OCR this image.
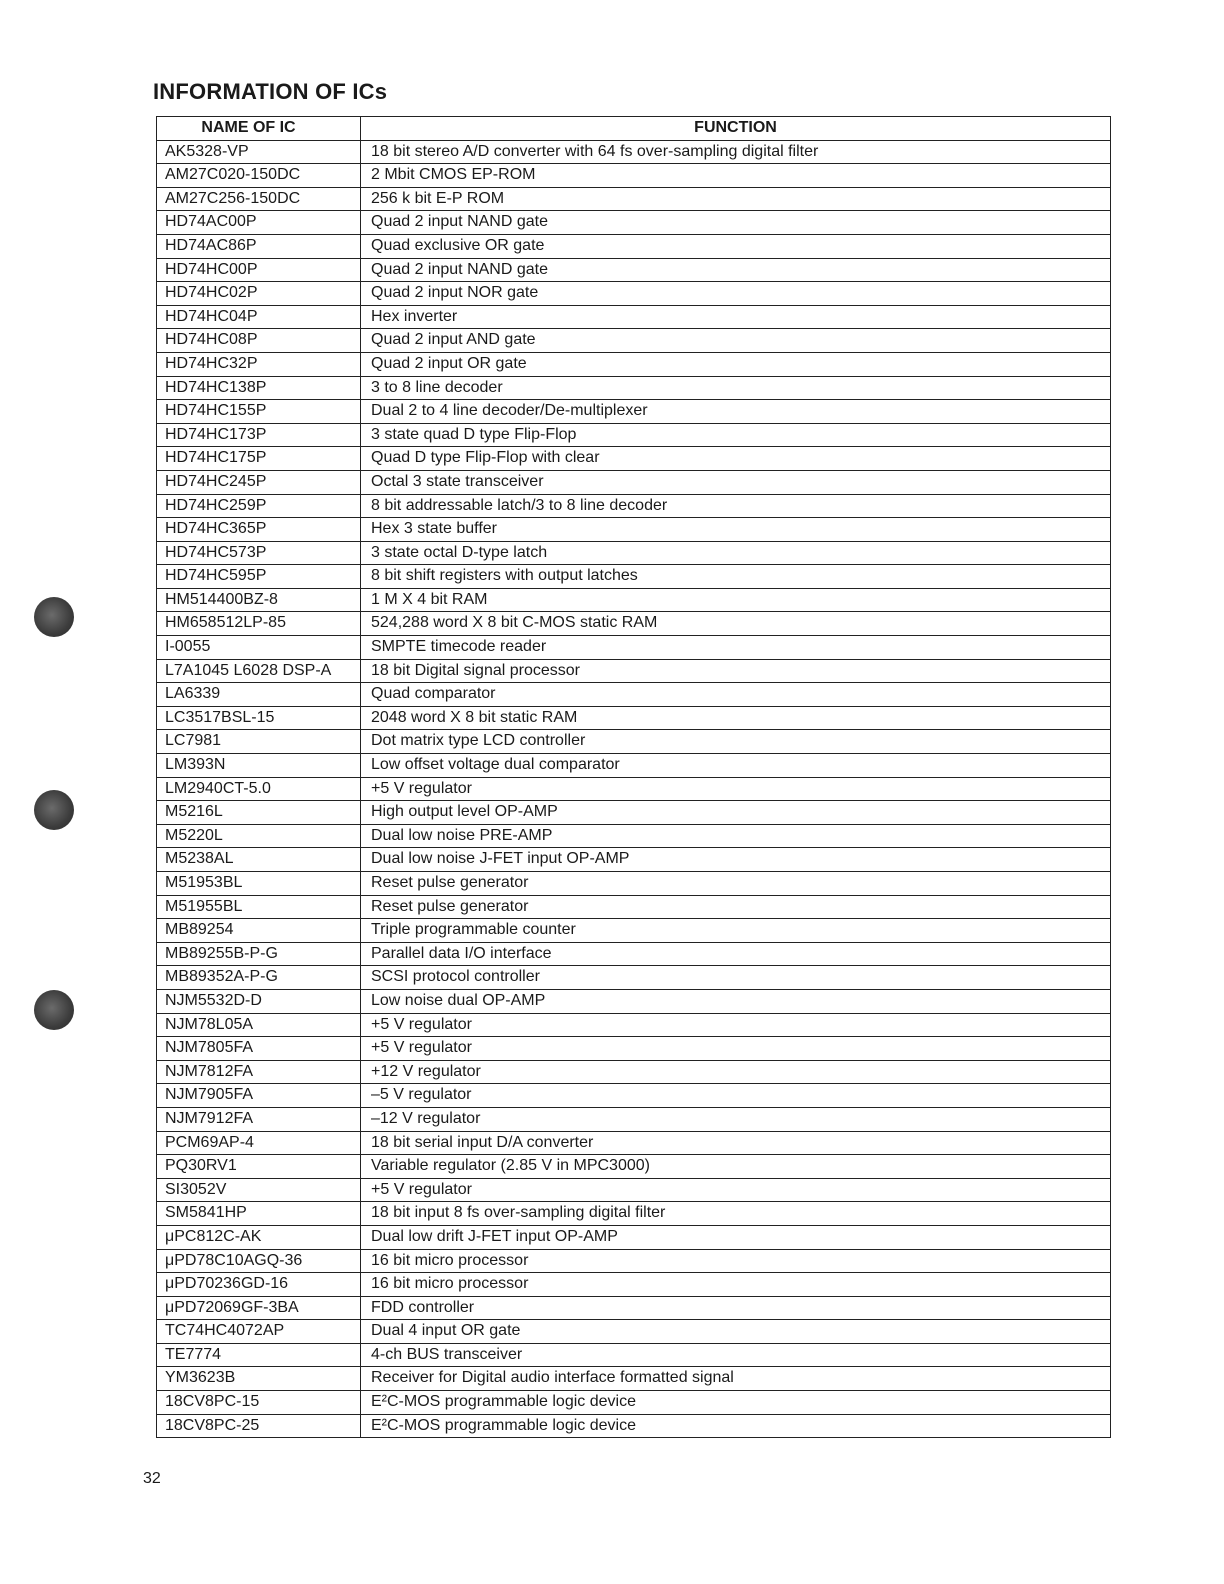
INFORMATION OF ICs
NAME OF IC	FUNCTION
AK5328-VP	18 bit stereo A/D converter with 64 fs over-sampling digital filter
AM27C020-150DC	2 Mbit CMOS EP-ROM
AM27C256-150DC	256 k bit E-P ROM
HD74AC00P	Quad 2 input NAND gate
HD74AC86P	Quad exclusive OR gate
HD74HC00P	Quad 2 input NAND gate
HD74HC02P	Quad 2 input NOR gate
HD74HC04P	Hex inverter
HD74HC08P	Quad 2 input AND gate
HD74HC32P	Quad 2 input OR gate
HD74HC138P	3 to 8 line decoder
HD74HC155P	Dual 2 to 4 line decoder/De-multiplexer
HD74HC173P	3 state quad D type Flip-Flop
HD74HC175P	Quad D type Flip-Flop with clear
HD74HC245P	Octal 3 state transceiver
HD74HC259P	8 bit addressable latch/3 to 8 line decoder
HD74HC365P	Hex 3 state buffer
HD74HC573P	3 state octal D-type latch
HD74HC595P	8 bit shift registers with output latches
HM514400BZ-8	1 M X 4 bit RAM
HM658512LP-85	524,288 word X 8 bit C-MOS static RAM
I-0055	SMPTE timecode reader
L7A1045 L6028 DSP-A	18 bit Digital signal processor
LA6339	Quad comparator
LC3517BSL-15	2048 word X 8 bit static RAM
LC7981	Dot matrix type LCD controller
LM393N	Low offset voltage dual comparator
LM2940CT-5.0	+5 V regulator
M5216L	High output level OP-AMP
M5220L	Dual low noise PRE-AMP
M5238AL	Dual low noise J-FET input OP-AMP
M51953BL	Reset pulse generator
M51955BL	Reset pulse generator
MB89254	Triple programmable counter
MB89255B-P-G	Parallel data I/O interface
MB89352A-P-G	SCSI protocol controller
NJM5532D-D	Low noise dual OP-AMP
NJM78L05A	+5 V regulator
NJM7805FA	+5 V regulator
NJM7812FA	+12 V regulator
NJM7905FA	–5 V regulator
NJM7912FA	–12 V regulator
PCM69AP-4	18 bit serial input D/A converter
PQ30RV1	Variable regulator (2.85 V in MPC3000)
SI3052V	+5 V regulator
SM5841HP	18 bit input 8 fs over-sampling digital filter
μPC812C-AK	Dual low drift J-FET input OP-AMP
μPD78C10AGQ-36	16 bit micro processor
μPD70236GD-16	16 bit micro processor
μPD72069GF-3BA	FDD controller
TC74HC4072AP	Dual 4 input OR gate
TE7774	4-ch BUS transceiver
YM3623B	Receiver for Digital audio interface formatted signal
18CV8PC-15	E²C-MOS programmable logic device
18CV8PC-25	E²C-MOS programmable logic device
32
